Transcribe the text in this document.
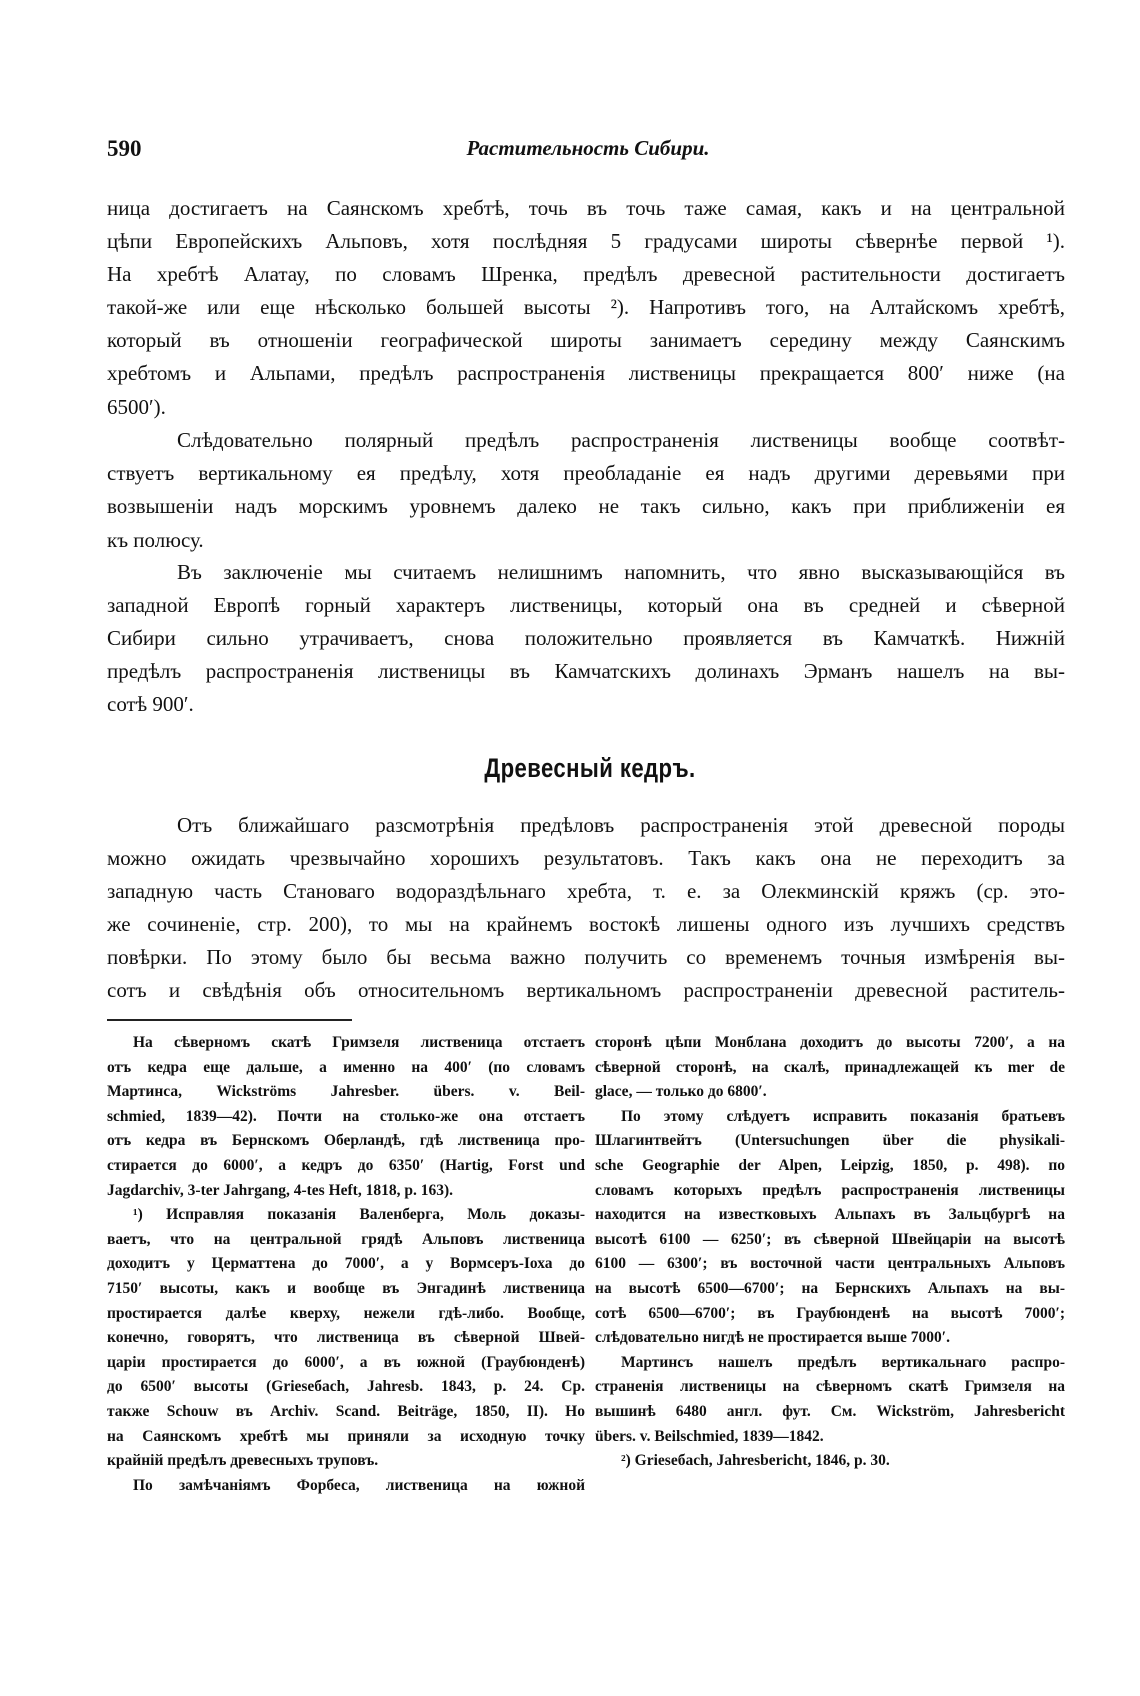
590	Растительность Сибири.
ница достигаетъ на Саянскомъ хребтѣ, точь въ точь таже самая, какъ и на центральной
цѣпи Европейскихъ Альповъ, хотя послѣдняя 5 градусами широты сѣвернѣе первой ¹).
На хребтѣ Алатау, по словамъ Шренка, предѣлъ древесной растительности достигаетъ
такой-же или еще нѣсколько большей высоты ²). Напротивъ того, на Алтайскомъ хребтѣ,
который въ отношеніи географической широты занимаетъ середину между Саянскимъ
хребтомъ и Альпами, предѣлъ распространенія лиственицы прекращается 800′ ниже (на
6500′).
Слѣдовательно полярный предѣлъ распространенія лиственицы вообще соотвѣт-
ствуетъ вертикальному ея предѣлу, хотя преобладаніе ея надъ другими деревьями при
возвышеніи надъ морскимъ уровнемъ далеко не такъ сильно, какъ при приближеніи ея
къ полюсу.
Въ заключеніе мы считаемъ нелишнимъ напомнить, что явно высказывающійся въ
западной Европѣ горный характеръ лиственицы, который она въ средней и сѣверной
Сибири сильно утрачиваетъ, снова положительно проявляется въ Камчаткѣ. Нижній
предѣлъ распространенія лиственицы въ Камчатскихъ долинахъ Эрманъ нашелъ на вы-
сотѣ 900′.
Отъ ближайшаго разсмотрѣнія предѣловъ распространенія этой древесной породы
можно ожидать чрезвычайно хорошихъ результатовъ. Такъ какъ она не переходитъ за
западную часть Становаго водораздѣльнаго хребта, т. е. за Олекминскій кряжъ (ср. это-
же сочиненіе, стр. 200), то мы на крайнемъ востокѣ лишены одного изъ лучшихъ средствъ
повѣрки. По этому было бы весьма важно получить со временемъ точныя измѣренія вы-
сотъ и свѣдѣнія объ относительномъ вертикальномъ распространеніи древесной раститель-
Древесный кедръ.
На сѣверномъ скатѣ Гримзеля лиственица отстаетъ
отъ кедра еще дальше, а именно на 400′ (по словамъ
Мартинса, Wickströms Jahresber. übers. v. Beil-
schmied, 1839—42). Почти на столько-же она отстаетъ
отъ кедра въ Бернскомъ Оберландѣ, гдѣ лиственица про-
стирается до 6000′, а кедръ до 6350′ (Hartig, Forst und
Jagdarchiv, 3-ter Jahrgang, 4-tes Heft, 1818, p. 163).
¹) Исправляя показанія Валенберга, Моль доказы-
ваетъ, что на центральной грядѣ Альповъ лиственица
доходитъ у Церматтена до 7000′, а у Вормсеръ-Іоха до
7150′ высоты, какъ и вообще въ Энгадинѣ лиственица
простирается далѣе кверху, нежели гдѣ-либо. Вообще,
конечно, говорятъ, что лиственица въ сѣверной Швей-
царіи простирается до 6000′, а въ южной (Граубюнденѣ)
до 6500′ высоты (Grieseбach, Jahresb. 1843, p. 24. Ср.
также Schouw въ Archiv. Scand. Beiträge, 1850, II). Но
на Саянскомъ хребтѣ мы приняли за исходную точку
крайній предѣлъ древесныхъ труповъ.
По замѣчаніямъ Форбеса, лиственица на южной
сторонѣ цѣпи Монблана доходитъ до высоты 7200′, а на
сѣверной сторонѣ, на скалѣ, принадлежащей къ mer de
glace, — только до 6800′.
По этому слѣдуетъ исправить показанія братьевъ
Шлагинтвейтъ (Untersuchungen über die physikali-
sche Geographie der Alpen, Leipzig, 1850, p. 498). по
словамъ которыхъ предѣлъ распространенія лиственицы
находится на известковыхъ Альпахъ въ Зальцбургѣ на
высотѣ 6100 — 6250′; въ сѣверной Швейцаріи на высотѣ
6100 — 6300′; въ восточной части центральныхъ Альповъ
на высотѣ 6500—6700′; на Бернскихъ Альпахъ на вы-
сотѣ 6500—6700′; въ Граубюнденѣ на высотѣ 7000′;
слѣдовательно нигдѣ не простирается выше 7000′.
Мартинсъ нашелъ предѣлъ вертикальнаго распро-
страненія лиственицы на сѣверномъ скатѣ Гримзеля на
вышинѣ 6480 англ. фут. См. Wickström, Jahresbericht
übers. v. Beilschmied, 1839—1842.
²) Grieseбach, Jahresbericht, 1846, p. 30.
